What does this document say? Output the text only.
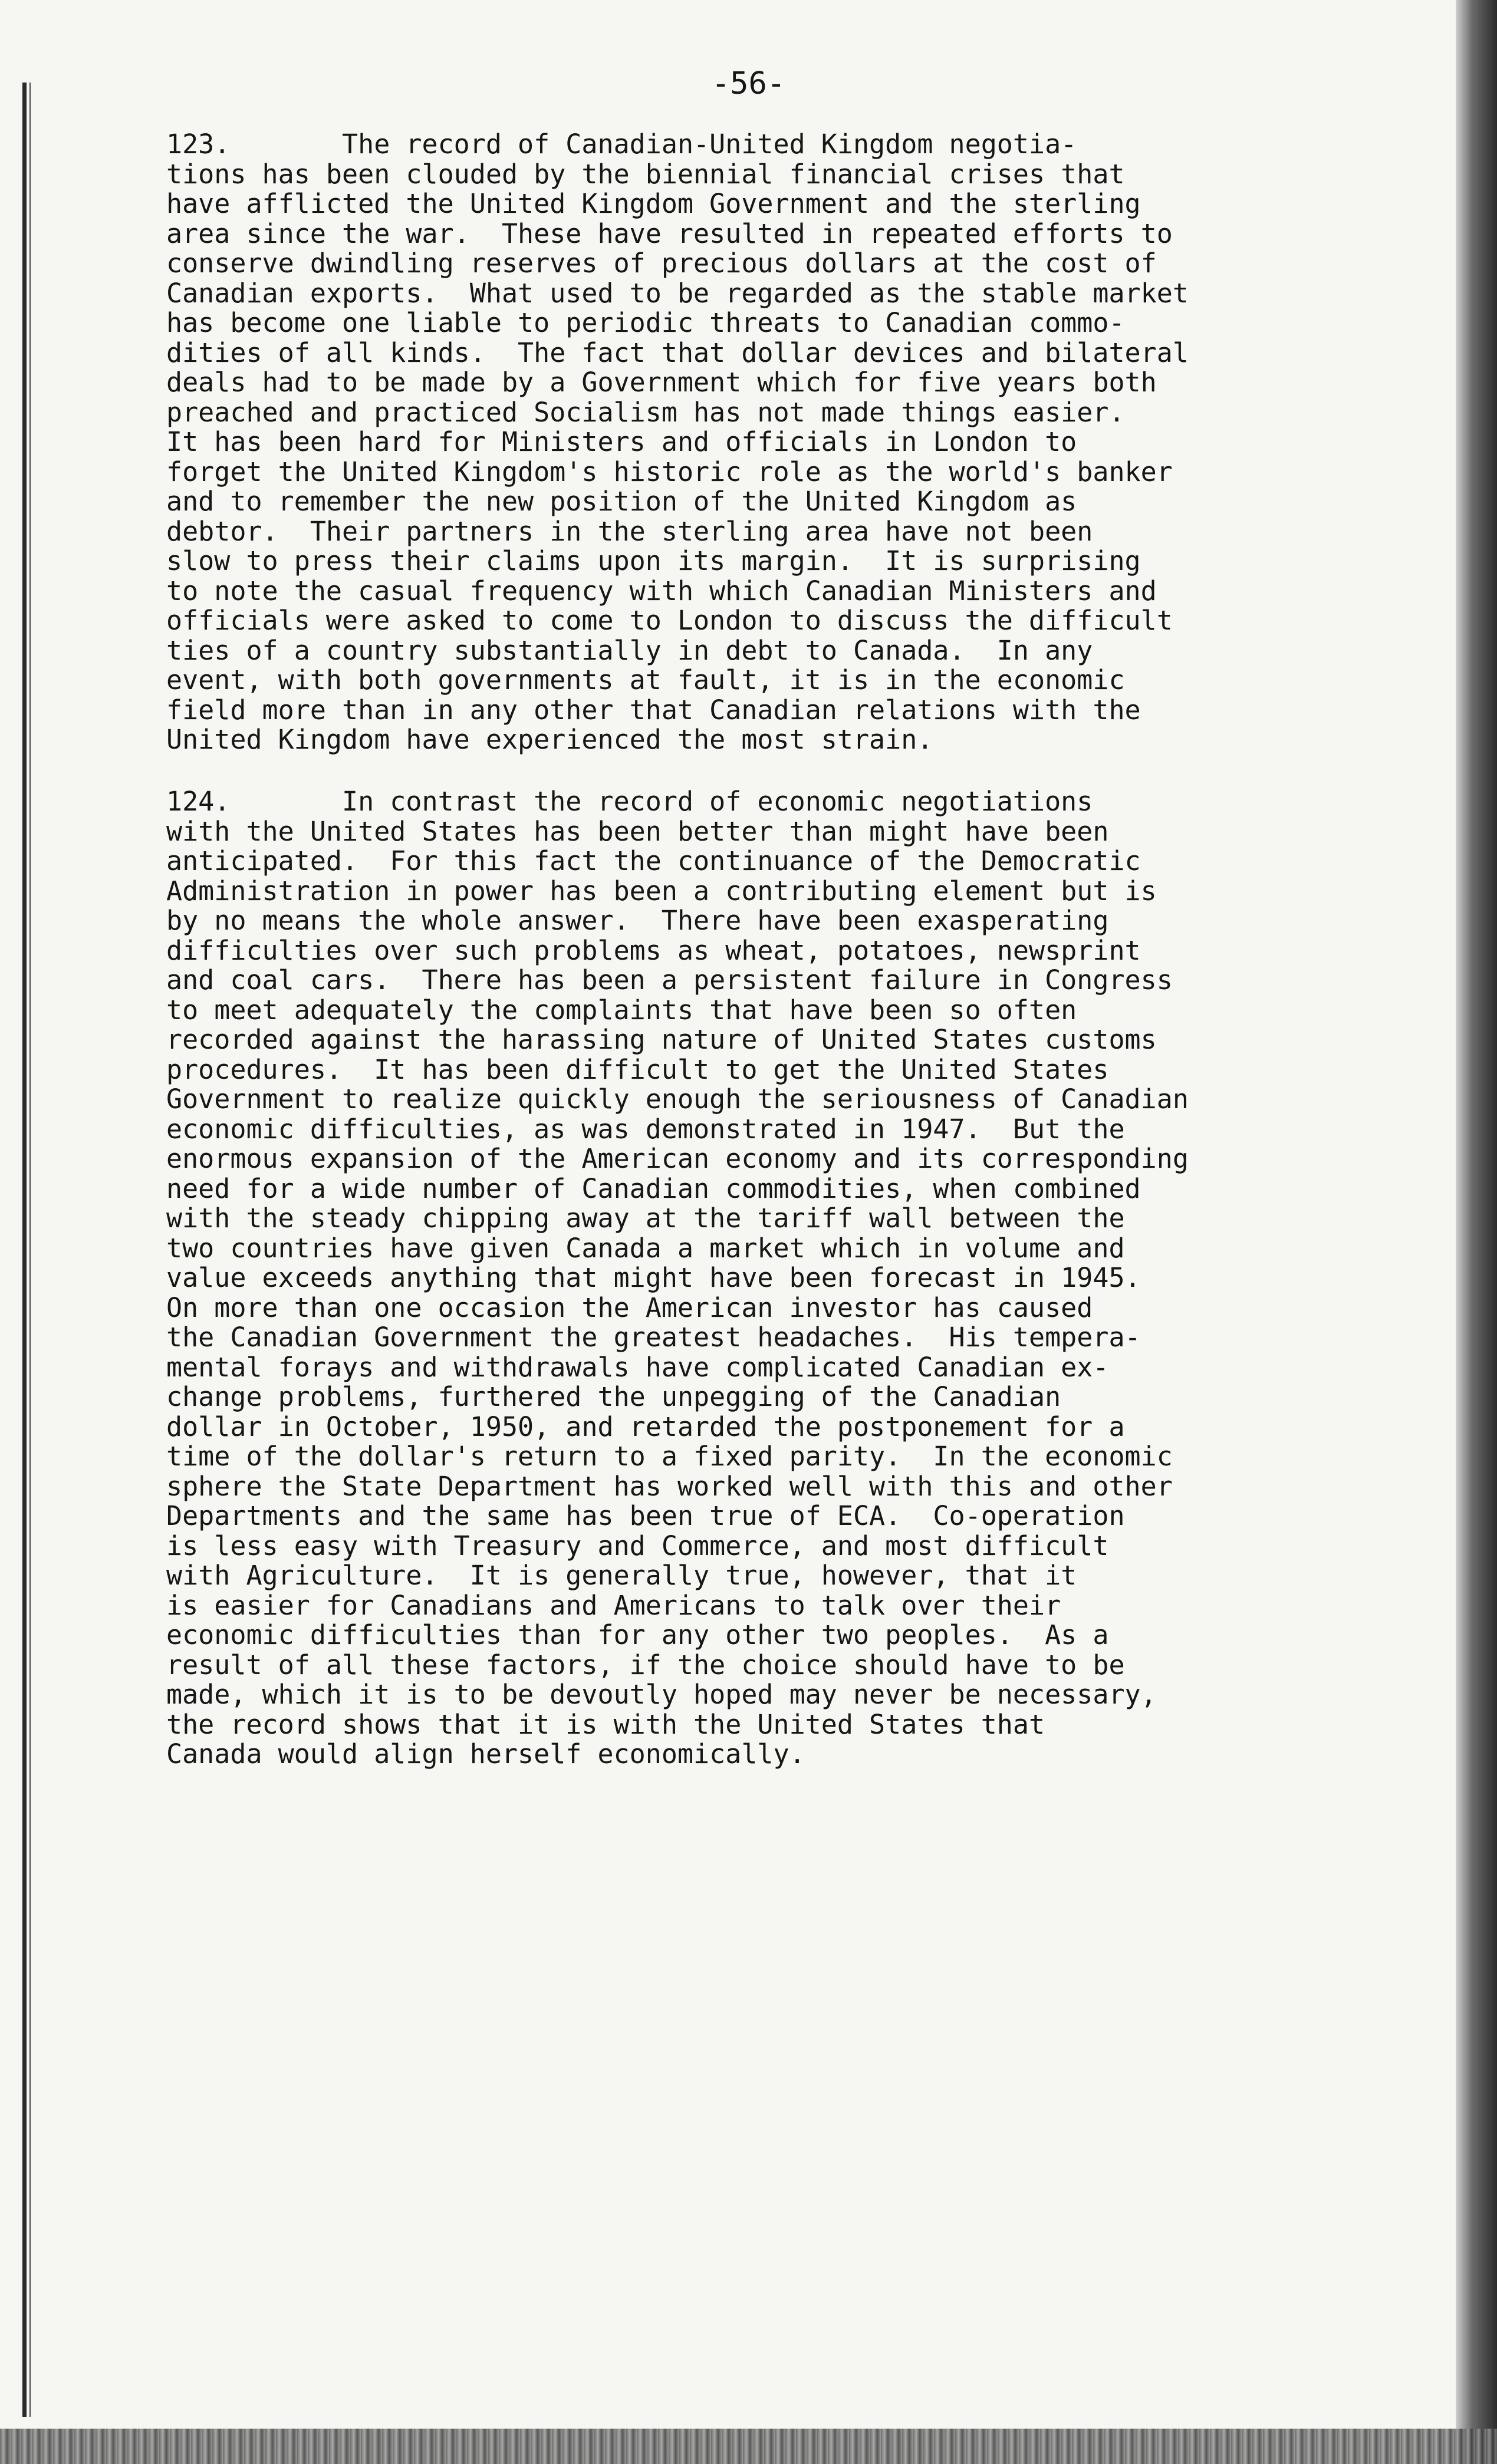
-56-
123.       The record of Canadian-United Kingdom negotia-
tions has been clouded by the biennial financial crises that
have afflicted the United Kingdom Government and the sterling
area since the war.  These have resulted in repeated efforts to
conserve dwindling reserves of precious dollars at the cost of
Canadian exports.  What used to be regarded as the stable market
has become one liable to periodic threats to Canadian commo-
dities of all kinds.  The fact that dollar devices and bilateral
deals had to be made by a Government which for five years both
preached and practiced Socialism has not made things easier.
It has been hard for Ministers and officials in London to
forget the United Kingdom's historic role as the world's banker
and to remember the new position of the United Kingdom as
debtor.  Their partners in the sterling area have not been
slow to press their claims upon its margin.  It is surprising
to note the casual frequency with which Canadian Ministers and
officials were asked to come to London to discuss the difficult
ties of a country substantially in debt to Canada.  In any
event, with both governments at fault, it is in the economic
field more than in any other that Canadian relations with the
United Kingdom have experienced the most strain.
124.       In contrast the record of economic negotiations
with the United States has been better than might have been
anticipated.  For this fact the continuance of the Democratic
Administration in power has been a contributing element but is
by no means the whole answer.  There have been exasperating
difficulties over such problems as wheat, potatoes, newsprint
and coal cars.  There has been a persistent failure in Congress
to meet adequately the complaints that have been so often
recorded against the harassing nature of United States customs
procedures.  It has been difficult to get the United States
Government to realize quickly enough the seriousness of Canadian
economic difficulties, as was demonstrated in 1947.  But the
enormous expansion of the American economy and its corresponding
need for a wide number of Canadian commodities, when combined
with the steady chipping away at the tariff wall between the
two countries have given Canada a market which in volume and
value exceeds anything that might have been forecast in 1945.
On more than one occasion the American investor has caused
the Canadian Government the greatest headaches.  His tempera-
mental forays and withdrawals have complicated Canadian ex-
change problems, furthered the unpegging of the Canadian
dollar in October, 1950, and retarded the postponement for a
time of the dollar's return to a fixed parity.  In the economic
sphere the State Department has worked well with this and other
Departments and the same has been true of ECA.  Co-operation
is less easy with Treasury and Commerce, and most difficult
with Agriculture.  It is generally true, however, that it
is easier for Canadians and Americans to talk over their
economic difficulties than for any other two peoples.  As a
result of all these factors, if the choice should have to be
made, which it is to be devoutly hoped may never be necessary,
the record shows that it is with the United States that
Canada would align herself economically.
